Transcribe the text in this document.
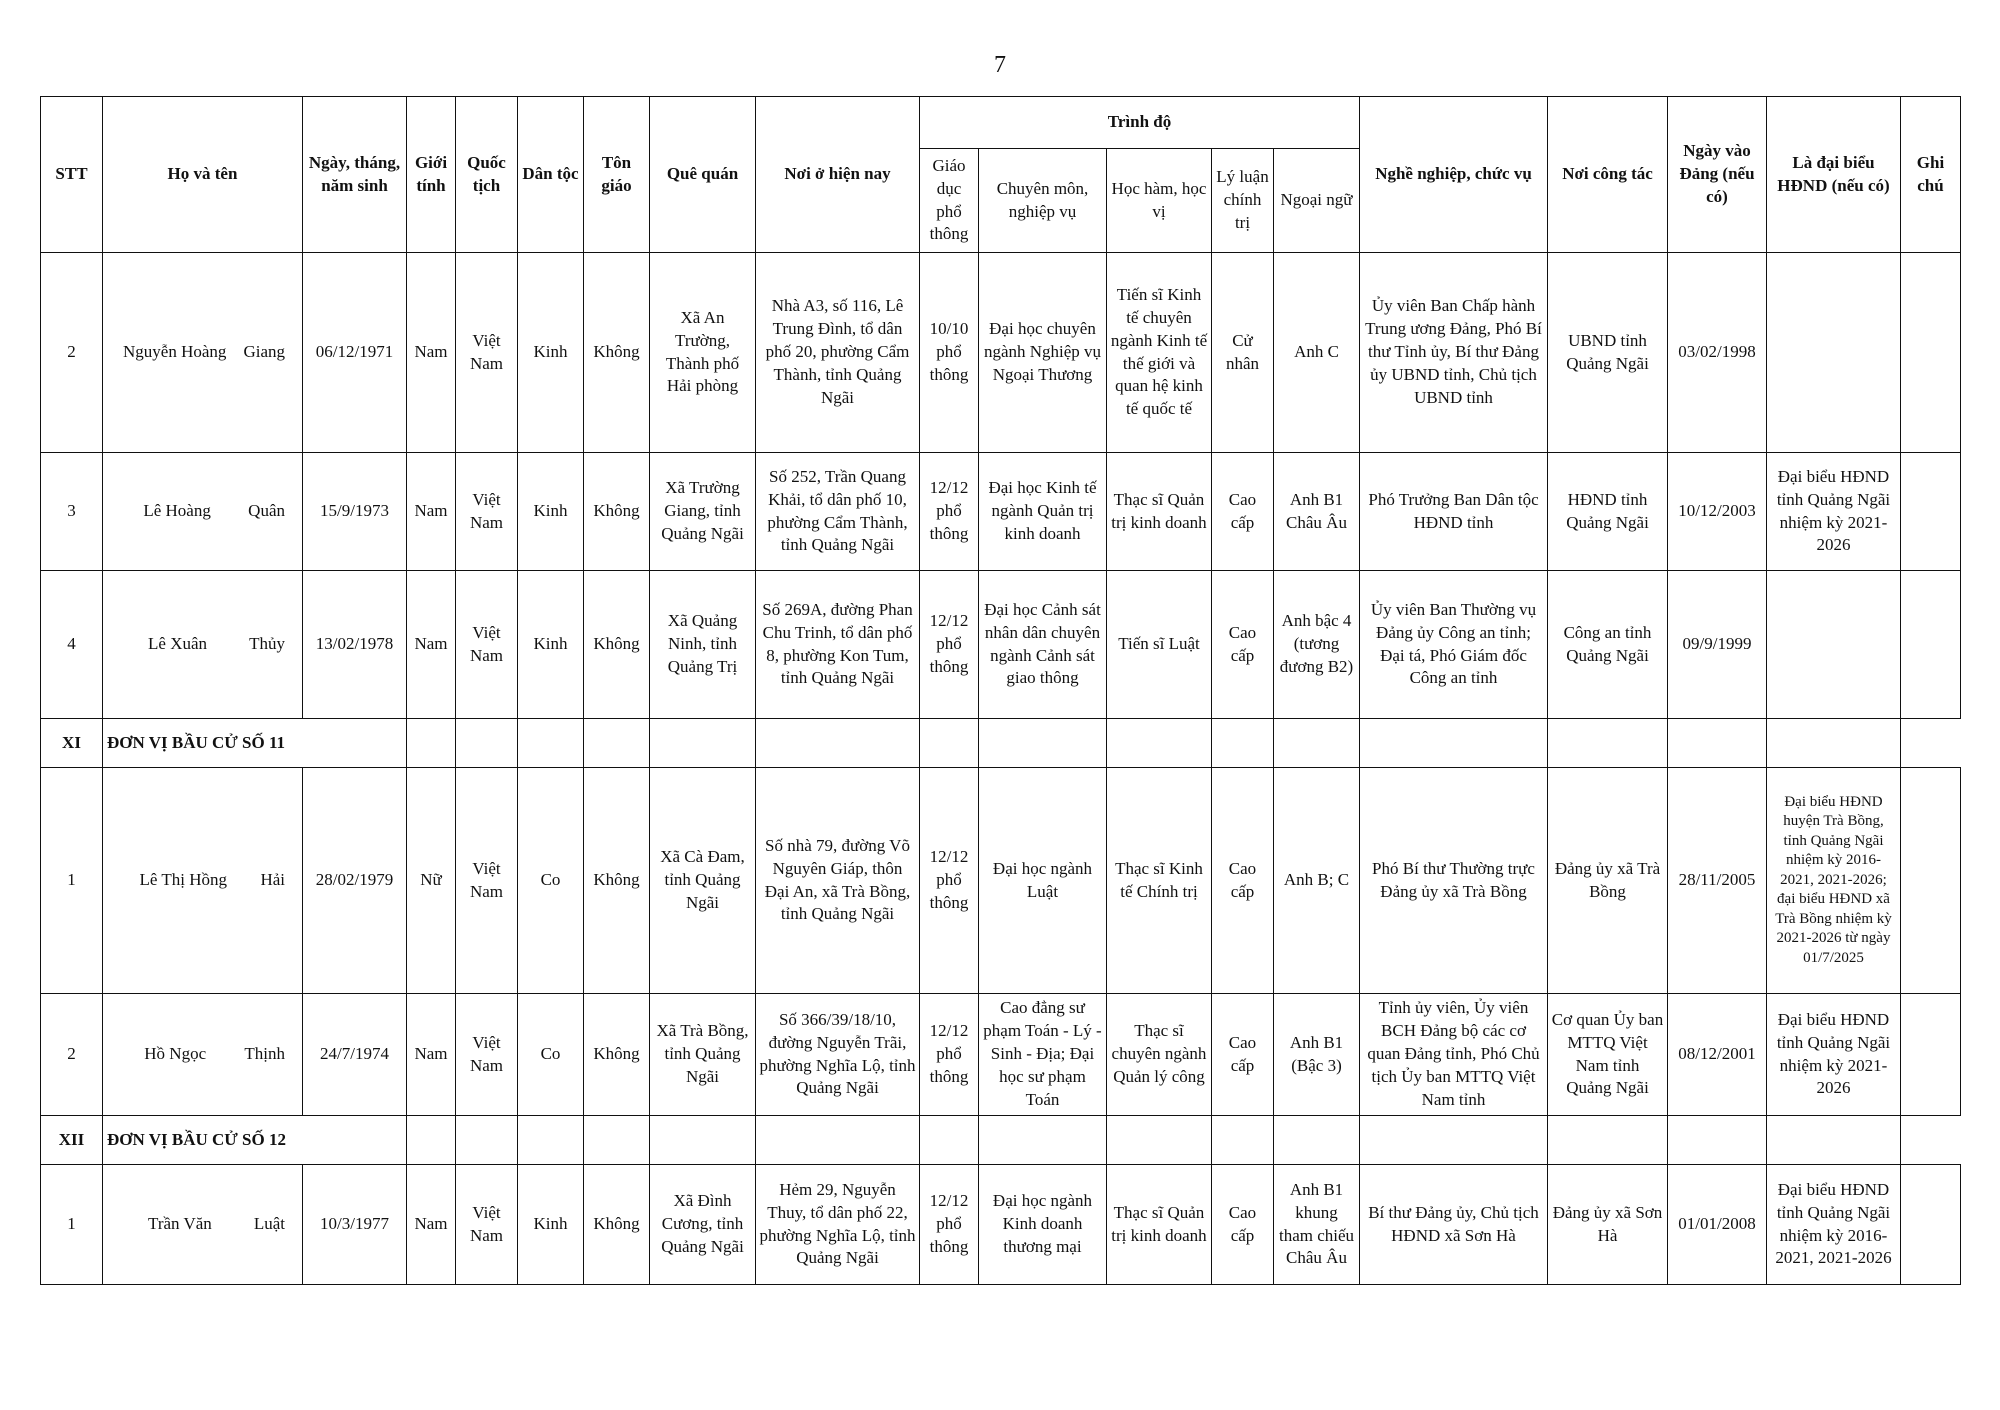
7
STT	Họ và tên	Ngày, tháng, năm sinh	Giới tính	Quốc tịch	Dân tộc	Tôn giáo	Quê quán	Nơi ở hiện nay	Trình độ					Nghề nghiệp, chức vụ	Nơi công tác	Ngày vào Đảng (nếu có)	Là đại biểu HĐND (nếu có)	Ghi chú
									Giáo dục phổ thông	Chuyên môn, nghiệp vụ	Học hàm, học vị	Lý luận chính trị	Ngoại ngữ					
2	Nguyễn Hoàng Giang	06/12/1971	Nam	Việt Nam	Kinh	Không	Xã An Trường, Thành phố Hải phòng	Nhà A3, số 116, Lê Trung Đình, tổ dân phố 20, phường Cẩm Thành, tỉnh Quảng Ngãi	10/10 phổ thông	Đại học chuyên ngành Nghiệp vụ Ngoại Thương	Tiến sĩ Kinh tế chuyên ngành Kinh tế thế giới và quan hệ kinh tế quốc tế	Cử nhân	Anh C	Ủy viên Ban Chấp hành Trung ương Đảng, Phó Bí thư Tỉnh ủy, Bí thư Đảng ủy UBND tỉnh, Chủ tịch UBND tỉnh	UBND tỉnh Quảng Ngãi	03/02/1998		
3	Lê Hoàng Quân	15/9/1973	Nam	Việt Nam	Kinh	Không	Xã Trường Giang, tỉnh Quảng Ngãi	Số 252, Trần Quang Khải, tổ dân phố 10, phường Cẩm Thành, tỉnh Quảng Ngãi	12/12 phổ thông	Đại học Kinh tế ngành Quản trị kinh doanh	Thạc sĩ Quản trị kinh doanh	Cao cấp	Anh B1 Châu Âu	Phó Trưởng Ban Dân tộc HĐND tỉnh	HĐND tỉnh Quảng Ngãi	10/12/2003	Đại biểu HĐND tỉnh Quảng Ngãi nhiệm kỳ 2021-2026	
4	Lê Xuân Thủy	13/02/1978	Nam	Việt Nam	Kinh	Không	Xã Quảng Ninh, tỉnh Quảng Trị	Số 269A, đường Phan Chu Trinh, tổ dân phố 8, phường Kon Tum, tỉnh Quảng Ngãi	12/12 phổ thông	Đại học Cảnh sát nhân dân chuyên ngành Cảnh sát giao thông	Tiến sĩ Luật	Cao cấp	Anh bậc 4 (tương đương B2)	Ủy viên Ban Thường vụ Đảng ủy Công an tỉnh; Đại tá, Phó Giám đốc Công an tỉnh	Công an tỉnh Quảng Ngãi	09/9/1999		
XI	ĐƠN VỊ BẦU CỬ SỐ 11																	
1	Lê Thị Hồng Hải	28/02/1979	Nữ	Việt Nam	Co	Không	Xã Cà Đam, tỉnh Quảng Ngãi	Số nhà 79, đường Võ Nguyên Giáp, thôn Đại An, xã Trà Bồng, tỉnh Quảng Ngãi	12/12 phổ thông	Đại học ngành Luật	Thạc sĩ Kinh tế Chính trị	Cao cấp	Anh B; C	Phó Bí thư Thường trực Đảng ủy xã Trà Bồng	Đảng ủy xã Trà Bồng	28/11/2005	Đại biểu HĐND huyện Trà Bồng, tỉnh Quảng Ngãi nhiệm kỳ 2016-2021, 2021-2026; đại biểu HĐND xã Trà Bồng nhiệm kỳ 2021-2026 từ ngày 01/7/2025	
2	Hồ Ngọc Thịnh	24/7/1974	Nam	Việt Nam	Co	Không	Xã Trà Bồng, tỉnh Quảng Ngãi	Số 366/39/18/10, đường Nguyễn Trãi, phường Nghĩa Lộ, tỉnh Quảng Ngãi	12/12 phổ thông	Cao đẳng sư phạm Toán - Lý - Sinh - Địa; Đại học sư phạm Toán	Thạc sĩ chuyên ngành Quản lý công	Cao cấp	Anh B1 (Bậc 3)	Tỉnh ủy viên, Ủy viên BCH Đảng bộ các cơ quan Đảng tỉnh, Phó Chủ tịch Ủy ban MTTQ Việt Nam tỉnh	Cơ quan Ủy ban MTTQ Việt Nam tỉnh Quảng Ngãi	08/12/2001	Đại biểu HĐND tỉnh Quảng Ngãi nhiệm kỳ 2021-2026	
XII	ĐƠN VỊ BẦU CỬ SỐ 12																	
1	Trần Văn Luật	10/3/1977	Nam	Việt Nam	Kinh	Không	Xã Đình Cương, tỉnh Quảng Ngãi	Hẻm 29, Nguyễn Thuy, tổ dân phố 22, phường Nghĩa Lộ, tỉnh Quảng Ngãi	12/12 phổ thông	Đại học ngành Kinh doanh thương mại	Thạc sĩ Quản trị kinh doanh	Cao cấp	Anh B1 khung tham chiếu Châu Âu	Bí thư Đảng ủy, Chủ tịch HĐND xã Sơn Hà	Đảng ủy xã Sơn Hà	01/01/2008	Đại biểu HĐND tỉnh Quảng Ngãi nhiệm kỳ 2016-2021, 2021-2026	
